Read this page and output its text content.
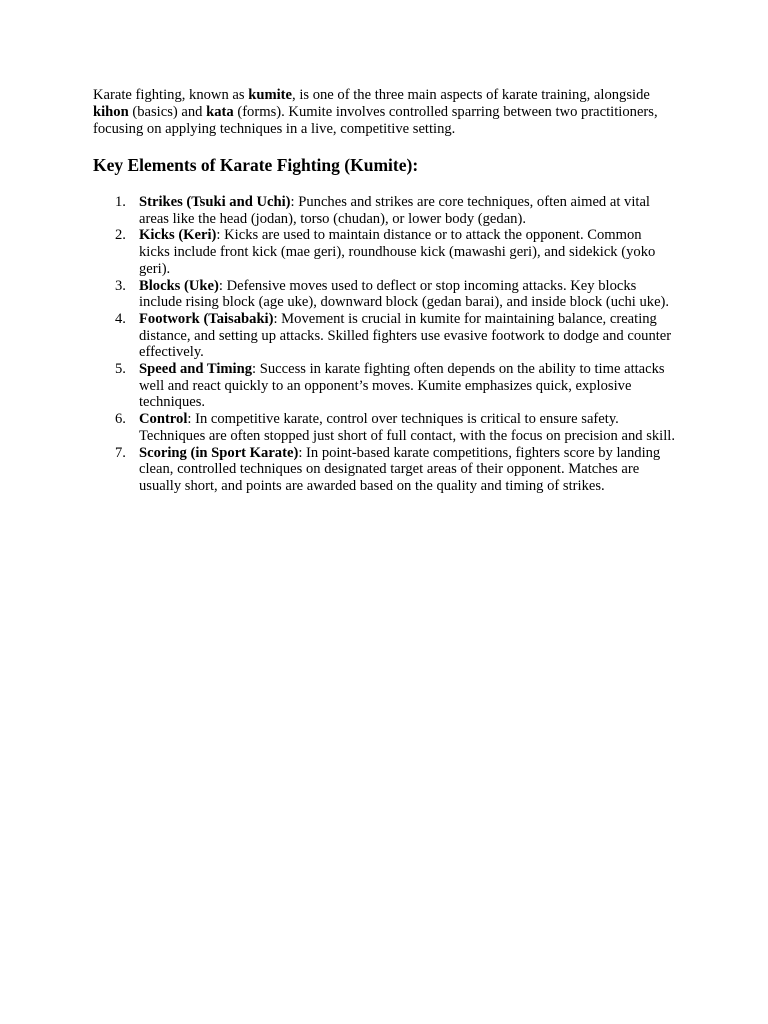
Karate fighting, known as kumite, is one of the three main aspects of karate training, alongside kihon (basics) and kata (forms). Kumite involves controlled sparring between two practitioners, focusing on applying techniques in a live, competitive setting.

Key Elements of Karate Fighting (Kumite):
1. Strikes (Tsuki and Uchi): Punches and strikes are core techniques, often aimed at vital areas like the head (jodan), torso (chudan), or lower body (gedan).
2. Kicks (Keri): Kicks are used to maintain distance or to attack the opponent. Common kicks include front kick (mae geri), roundhouse kick (mawashi geri), and sidekick (yoko geri).
3. Blocks (Uke): Defensive moves used to deflect or stop incoming attacks. Key blocks include rising block (age uke), downward block (gedan barai), and inside block (uchi uke).
4. Footwork (Taisabaki): Movement is crucial in kumite for maintaining balance, creating distance, and setting up attacks. Skilled fighters use evasive footwork to dodge and counter effectively.
5. Speed and Timing: Success in karate fighting often depends on the ability to time attacks well and react quickly to an opponent’s moves. Kumite emphasizes quick, explosive techniques.
6. Control: In competitive karate, control over techniques is critical to ensure safety. Techniques are often stopped just short of full contact, with the focus on precision and skill.
7. Scoring (in Sport Karate): In point-based karate competitions, fighters score by landing clean, controlled techniques on designated target areas of their opponent. Matches are usually short, and points are awarded based on the quality and timing of strikes.
